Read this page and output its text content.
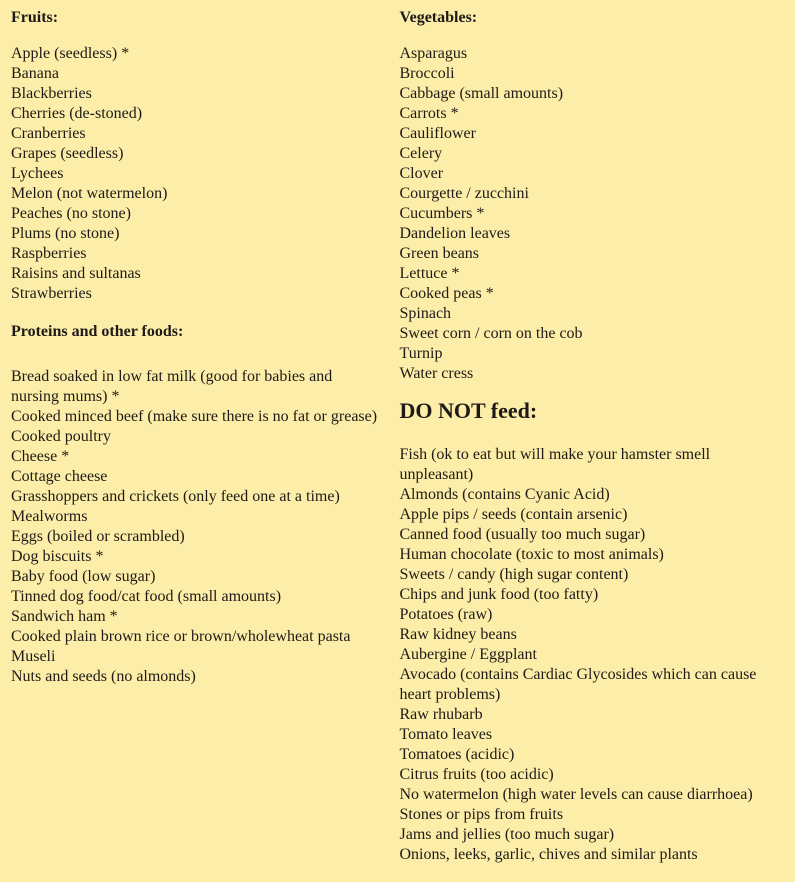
Fruits:
Apple (seedless) *
Banana
Blackberries
Cherries (de-stoned)
Cranberries
Grapes (seedless)
Lychees
Melon (not watermelon)
Peaches (no stone)
Plums (no stone)
Raspberries
Raisins and sultanas
Strawberries
Proteins and other foods:
Bread soaked in low fat milk (good for babies and nursing mums) *
Cooked minced beef (make sure there is no fat or grease)
Cooked poultry
Cheese *
Cottage cheese
Grasshoppers and crickets (only feed one at a time)
Mealworms
Eggs (boiled or scrambled)
Dog biscuits *
Baby food (low sugar)
Tinned dog food/cat food (small amounts)
Sandwich ham *
Cooked plain brown rice or brown/wholewheat pasta
Museli
Nuts and seeds (no almonds)
Vegetables:
Asparagus
Broccoli
Cabbage (small amounts)
Carrots *
Cauliflower
Celery
Clover
Courgette / zucchini
Cucumbers *
Dandelion leaves
Green beans
Lettuce *
Cooked peas *
Spinach
Sweet corn / corn on the cob
Turnip
Water cress
DO NOT feed:
Fish (ok to eat but will make your hamster smell unpleasant)
Almonds (contains Cyanic Acid)
Apple pips / seeds (contain arsenic)
Canned food (usually too much sugar)
Human chocolate (toxic to most animals)
Sweets / candy (high sugar content)
Chips and junk food (too fatty)
Potatoes (raw)
Raw kidney beans
Aubergine / Eggplant
Avocado (contains Cardiac Glycosides which can cause heart problems)
Raw rhubarb
Tomato leaves
Tomatoes (acidic)
Citrus fruits (too acidic)
No watermelon (high water levels can cause diarrhoea)
Stones or pips from fruits
Jams and jellies (too much sugar)
Onions, leeks, garlic, chives and similar plants
